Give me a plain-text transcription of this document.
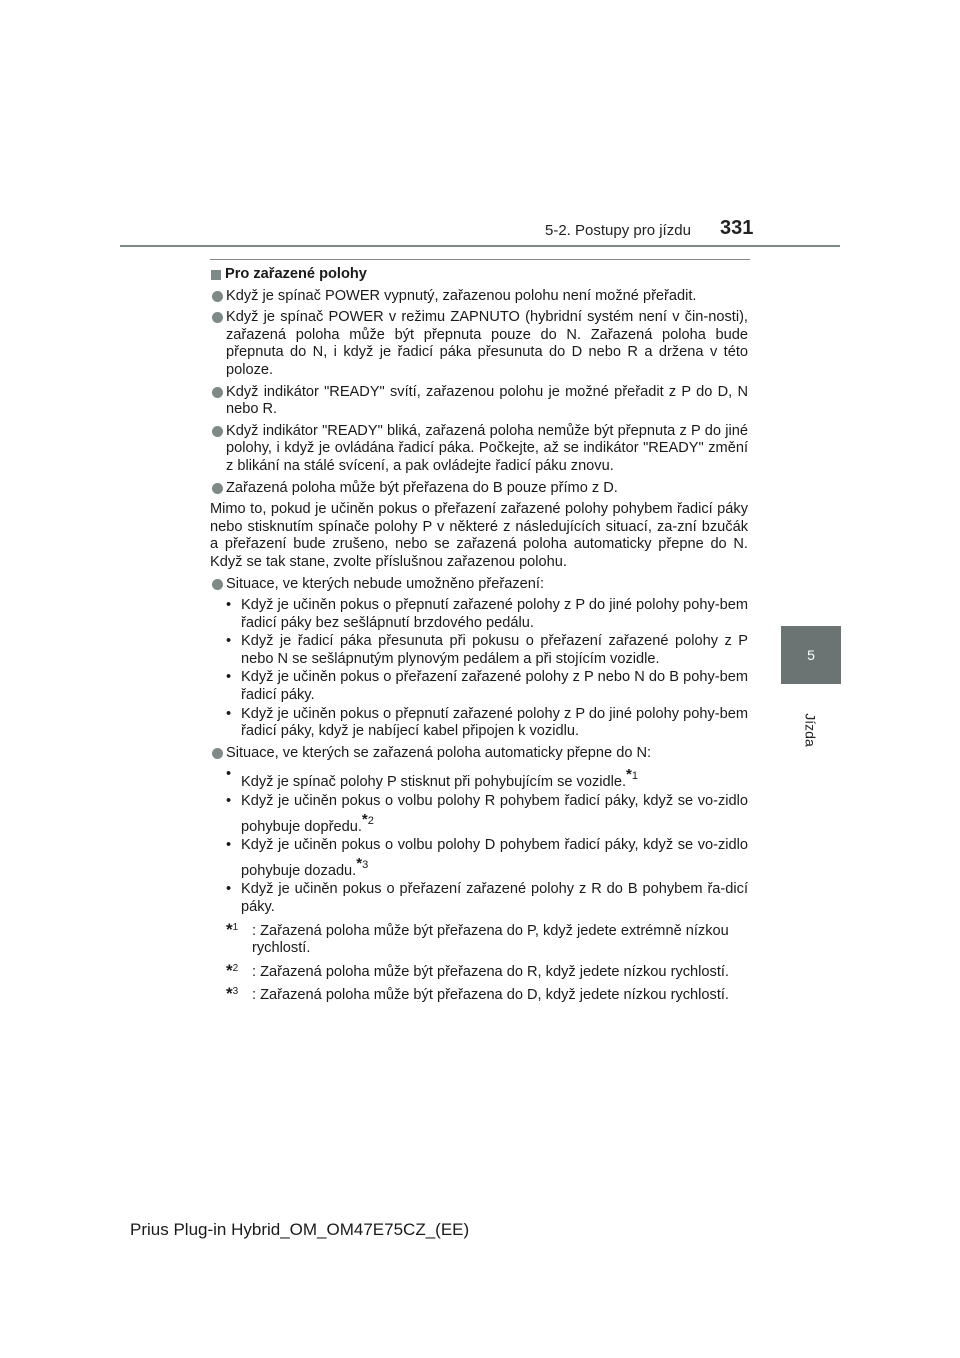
5-2. Postupy pro jízdu 331
5
Jízda
Pro zařazené polohy
Když je spínač POWER vypnutý, zařazenou polohu není možné přeřadit.
Když je spínač POWER v režimu ZAPNUTO (hybridní systém není v čin-nosti), zařazená poloha může být přepnuta pouze do N. Zařazená poloha bude přepnuta do N, i když je řadicí páka přesunuta do D nebo R a držena v této poloze.
Když indikátor "READY" svítí, zařazenou polohu je možné přeřadit z P do D, N nebo R.
Když indikátor "READY" bliká, zařazená poloha nemůže být přepnuta z P do jiné polohy, i když je ovládána řadicí páka. Počkejte, až se indikátor "READY" změní z blikání na stálé svícení, a pak ovládejte řadicí páku znovu.
Zařazená poloha může být přeřazena do B pouze přímo z D.
Mimo to, pokud je učiněn pokus o přeřazení zařazené polohy pohybem řadicí páky nebo stisknutím spínače polohy P v některé z následujících situací, za-zní bzučák a přeřazení bude zrušeno, nebo se zařazená poloha automaticky přepne do N. Když se tak stane, zvolte příslušnou zařazenou polohu.
Situace, ve kterých nebude umožněno přeřazení:
• Když je učiněn pokus o přepnutí zařazené polohy z P do jiné polohy pohy-bem řadicí páky bez sešlápnutí brzdového pedálu.
• Když je řadicí páka přesunuta při pokusu o přeřazení zařazené polohy z P nebo N se sešlápnutým plynovým pedálem a při stojícím vozidle.
• Když je učiněn pokus o přeřazení zařazené polohy z P nebo N do B pohy-bem řadicí páky.
• Když je učiněn pokus o přepnutí zařazené polohy z P do jiné polohy pohy-bem řadicí páky, když je nabíjecí kabel připojen k vozidlu.
Situace, ve kterých se zařazená poloha automaticky přepne do N:
• Když je spínač polohy P stisknut při pohybujícím se vozidle.$^{*1}$
• Když je učiněn pokus o volbu polohy R pohybem řadicí páky, když se vo-zidlo pohybuje dopředu.$^{*2}$
• Když je učiněn pokus o volbu polohy D pohybem řadicí páky, když se vo-zidlo pohybuje dozadu.$^{*3}$
• Když je učiněn pokus o přeřazení zařazené polohy z R do B pohybem řa-dicí páky.
*$^1$ : Zařazená poloha může být přeřazena do P, když jedete extrémně nízkou rychlostí.
*$^2$ : Zařazená poloha může být přeřazena do R, když jedete nízkou rychlostí.
*$^3$ : Zařazená poloha může být přeřazena do D, když jedete nízkou rychlostí.
Prius Plug-in Hybrid_OM_OM47E75CZ_(EE)
